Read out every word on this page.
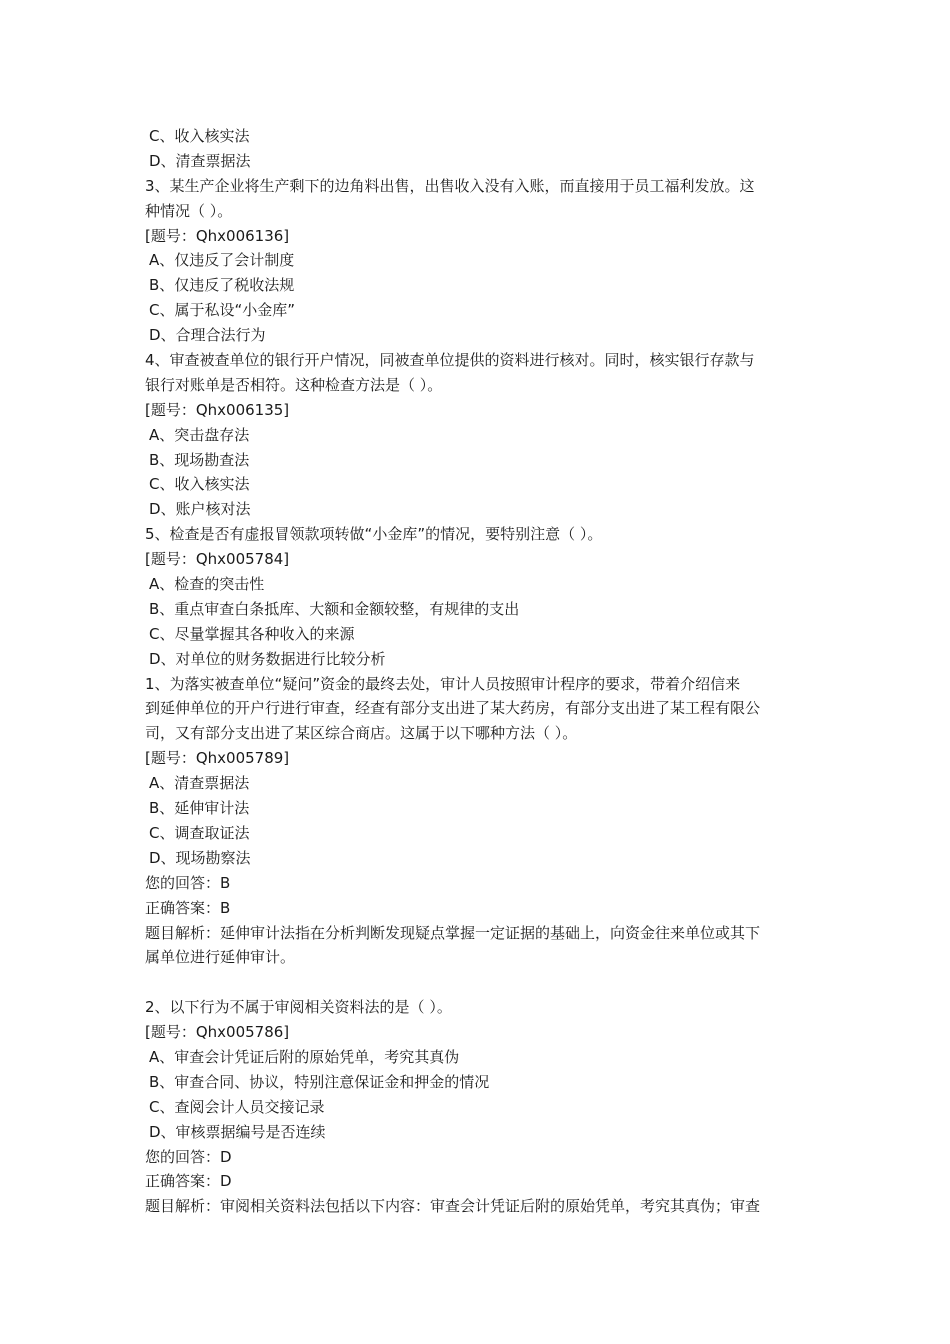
C、收入核实法
D、清查票据法
3、某生产企业将生产剩下的边角料出售，出售收入没有入账，而直接用于员工福利发放。这
种情况（ ）。
[题号：Qhx006136]
A、仅违反了会计制度
B、仅违反了税收法规
C、属于私设“小金库”
D、合理合法行为
4、审查被查单位的银行开户情况，同被查单位提供的资料进行核对。同时，核实银行存款与
银行对账单是否相符。这种检查方法是（ ）。
[题号：Qhx006135]
A、突击盘存法
B、现场勘查法
C、收入核实法
D、账户核对法
5、检查是否有虚报冒领款项转做“小金库”的情况，要特别注意（ ）。
[题号：Qhx005784]
A、检查的突击性
B、重点审查白条抵库、大额和金额较整，有规律的支出
C、尽量掌握其各种收入的来源
D、对单位的财务数据进行比较分析
1、为落实被查单位“疑问”资金的最终去处，审计人员按照审计程序的要求，带着介绍信来
到延伸单位的开户行进行审查，经查有部分支出进了某大药房，有部分支出进了某工程有限公
司，又有部分支出进了某区综合商店。这属于以下哪种方法（ ）。
[题号：Qhx005789]
A、清查票据法
B、延伸审计法
C、调查取证法
D、现场勘察法
您的回答：B
正确答案：B
题目解析：延伸审计法指在分析判断发现疑点掌握一定证据的基础上，向资金往来单位或其下
属单位进行延伸审计。
2、以下行为不属于审阅相关资料法的是（ ）。
[题号：Qhx005786]
A、审查会计凭证后附的原始凭单，考究其真伪
B、审查合同、协议，特别注意保证金和押金的情况
C、查阅会计人员交接记录
D、审核票据编号是否连续
您的回答：D
正确答案：D
题目解析：审阅相关资料法包括以下内容：审查会计凭证后附的原始凭单，考究其真伪；审查
